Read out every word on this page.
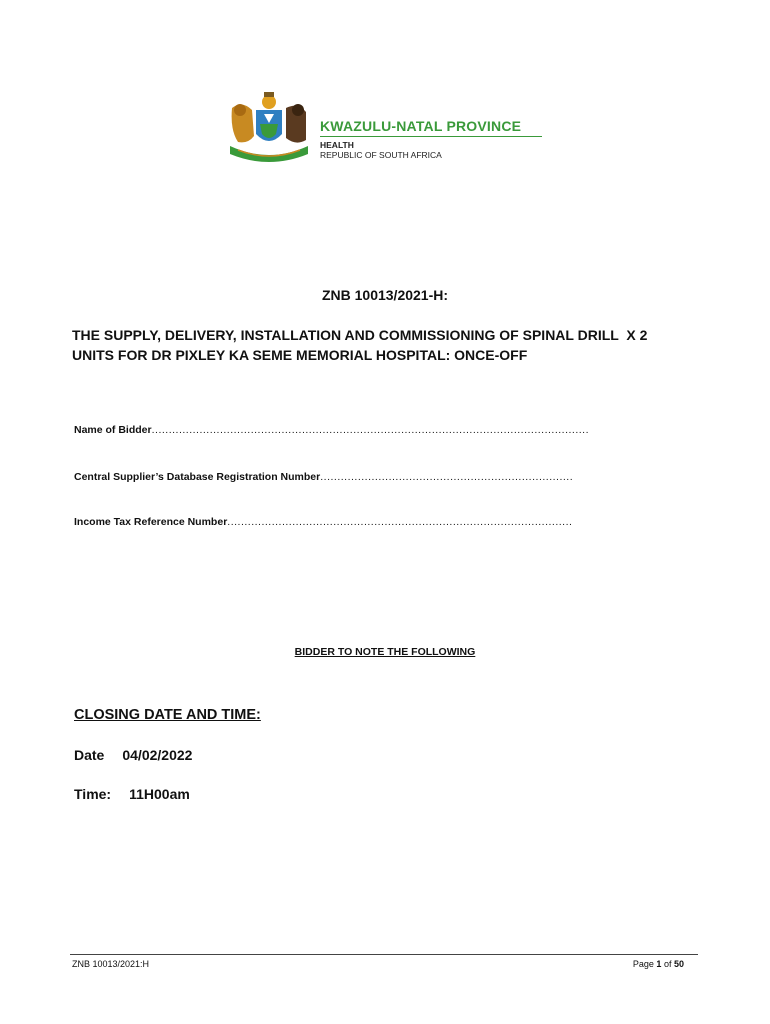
KWAZULU-NATAL PROVINCE
HEALTH
REPUBLIC OF SOUTH AFRICA
ZNB 10013/2021-H:
THE SUPPLY, DELIVERY, INSTALLATION AND COMMISSIONING OF SPINAL DRILL  X 2
UNITS FOR DR PIXLEY KA SEME MEMORIAL HOSPITAL: ONCE-OFF
Name of Bidder................................................................................................................................
Central Supplier’s Database Registration Number..........................................................................
Income Tax Reference Number.....................................................................................................
BIDDER TO NOTE THE FOLLOWING
CLOSING DATE AND TIME:
Date 04/02/2022
Time: 11H00am
ZNB 10013/2021:H	Page 1 of 50
